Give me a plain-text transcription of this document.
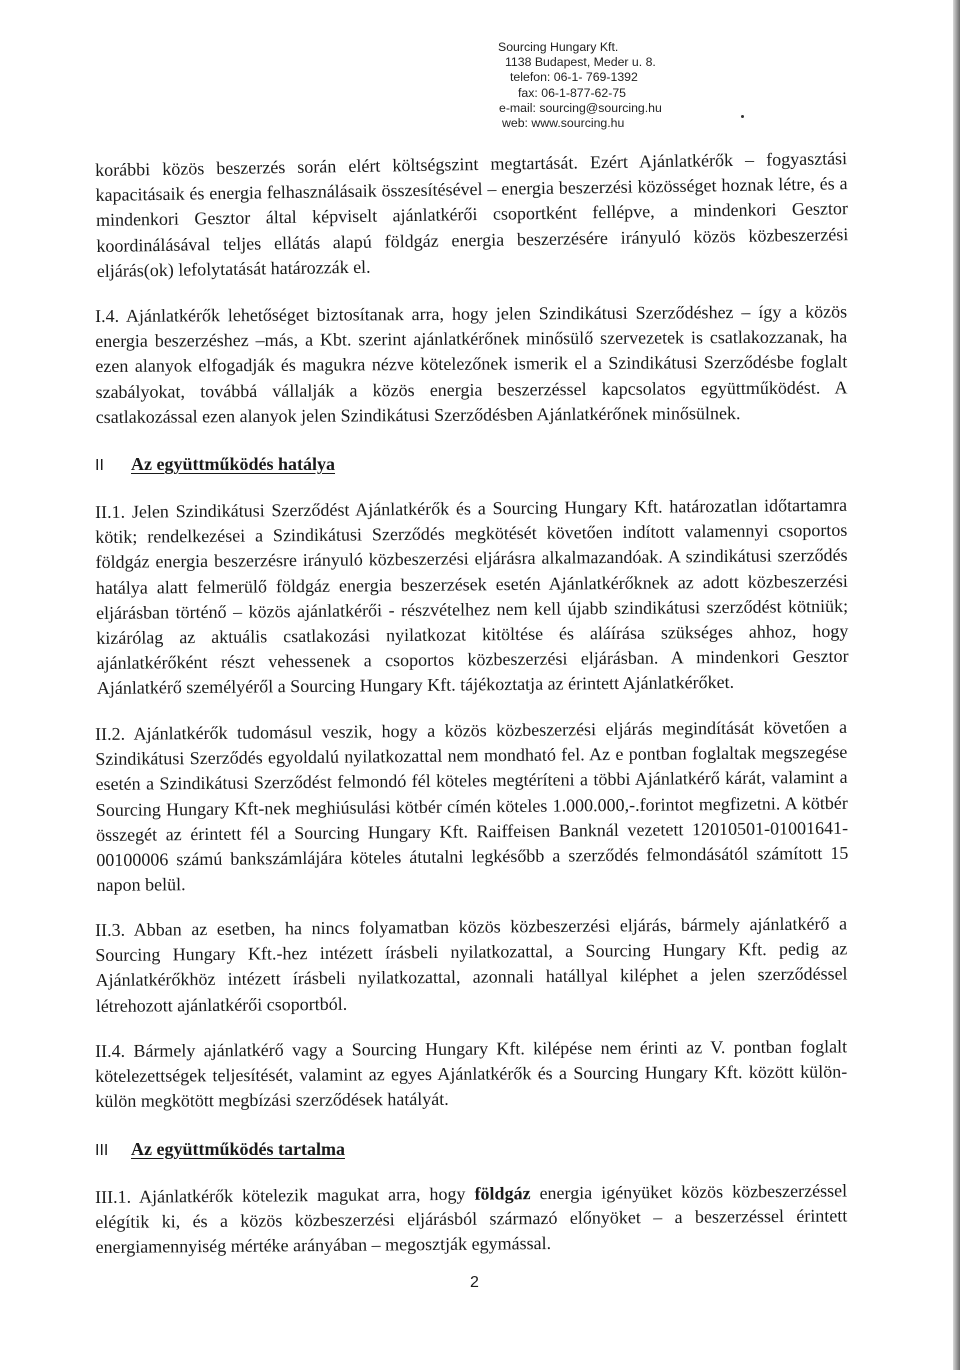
Sourcing Hungary Kft.
1138 Budapest, Meder u. 8.
telefon: 06-1- 769-1392
fax: 06-1-877-62-75
e-mail: sourcing@sourcing.hu
web: www.sourcing.hu

korábbi közös beszerzés során elért költségszint megtartását. Ezért Ajánlatkérők – fogyasztási kapacitásaik és energia felhasználásaik összesítésével – energia beszerzési közösséget hoznak létre, és a mindenkori Gesztor által képviselt ajánlatkérői csoportként fellépve, a mindenkori Gesztor koordinálásával teljes ellátás alapú földgáz energia beszerzésére irányuló közös közbeszerzési eljárás(ok) lefolytatását határozzák el.

I.4. Ajánlatkérők lehetőséget biztosítanak arra, hogy jelen Szindikátusi Szerződéshez – így a közös energia beszerzéshez –más, a Kbt. szerint ajánlatkérőnek minősülő szervezetek is csatlakozzanak, ha ezen alanyok elfogadják és magukra nézve kötelezőnek ismerik el a Szindikátusi Szerződésbe foglalt szabályokat, továbbá vállalják a közös energia beszerzéssel kapcsolatos együttműködést. A csatlakozással ezen alanyok jelen Szindikátusi Szerződésben Ajánlatkérőnek minősülnek.

II	Az együttműködés hatálya

II.1. Jelen Szindikátusi Szerződést Ajánlatkérők és a Sourcing Hungary Kft. határozatlan időtartamra kötik; rendelkezései a Szindikátusi Szerződés megkötését követően indított valamennyi csoportos földgáz energia beszerzésre irányuló közbeszerzési eljárásra alkalmazandóak. A szindikátusi szerződés hatálya alatt felmerülő földgáz energia beszerzések esetén Ajánlatkérőknek az adott közbeszerzési eljárásban történő – közös ajánlatkérői - részvételhez nem kell újabb szindikátusi szerződést kötniük; kizárólag az aktuális csatlakozási nyilatkozat kitöltése és aláírása szükséges ahhoz, hogy ajánlatkérőként részt vehessenek a csoportos közbeszerzési eljárásban. A mindenkori Gesztor Ajánlatkérő személyéről a Sourcing Hungary Kft. tájékoztatja az érintett Ajánlatkérőket.

II.2. Ajánlatkérők tudomásul veszik, hogy a közös közbeszerzési eljárás megindítását követően a Szindikátusi Szerződés egyoldalú nyilatkozattal nem mondható fel. Az e pontban foglaltak megszegése esetén a Szindikátusi Szerződést felmondó fél köteles megtéríteni a többi Ajánlatkérő kárát, valamint a Sourcing Hungary Kft-nek meghiúsulási kötbér címén köteles 1.000.000,-.forintot megfizetni. A kötbér összegét az érintett fél a Sourcing Hungary Kft. Raiffeisen Banknál vezetett 12010501-01001641-00100006 számú bankszámlájára köteles átutalni legkésőbb a szerződés felmondásától számított 15 napon belül.

II.3. Abban az esetben, ha nincs folyamatban közös közbeszerzési eljárás, bármely ajánlatkérő a Sourcing Hungary Kft.-hez intézett írásbeli nyilatkozattal, a Sourcing Hungary Kft. pedig az Ajánlatkérőkhöz intézett írásbeli nyilatkozattal, azonnali hatállyal kiléphet a jelen szerződéssel létrehozott ajánlatkérői csoportból.

II.4. Bármely ajánlatkérő vagy a Sourcing Hungary Kft. kilépése nem érinti az V. pontban foglalt kötelezettségek teljesítését, valamint az egyes Ajánlatkérők és a Sourcing Hungary Kft. között külön-külön megkötött megbízási szerződések hatályát.

III	Az együttműködés tartalma

III.1. Ajánlatkérők kötelezik magukat arra, hogy földgáz energia igényüket közös közbeszerzéssel elégítik ki, és a közös közbeszerzési eljárásból származó előnyöket – a beszerzéssel érintett energiamennyiség mértéke arányában – megosztják egymással.

2
